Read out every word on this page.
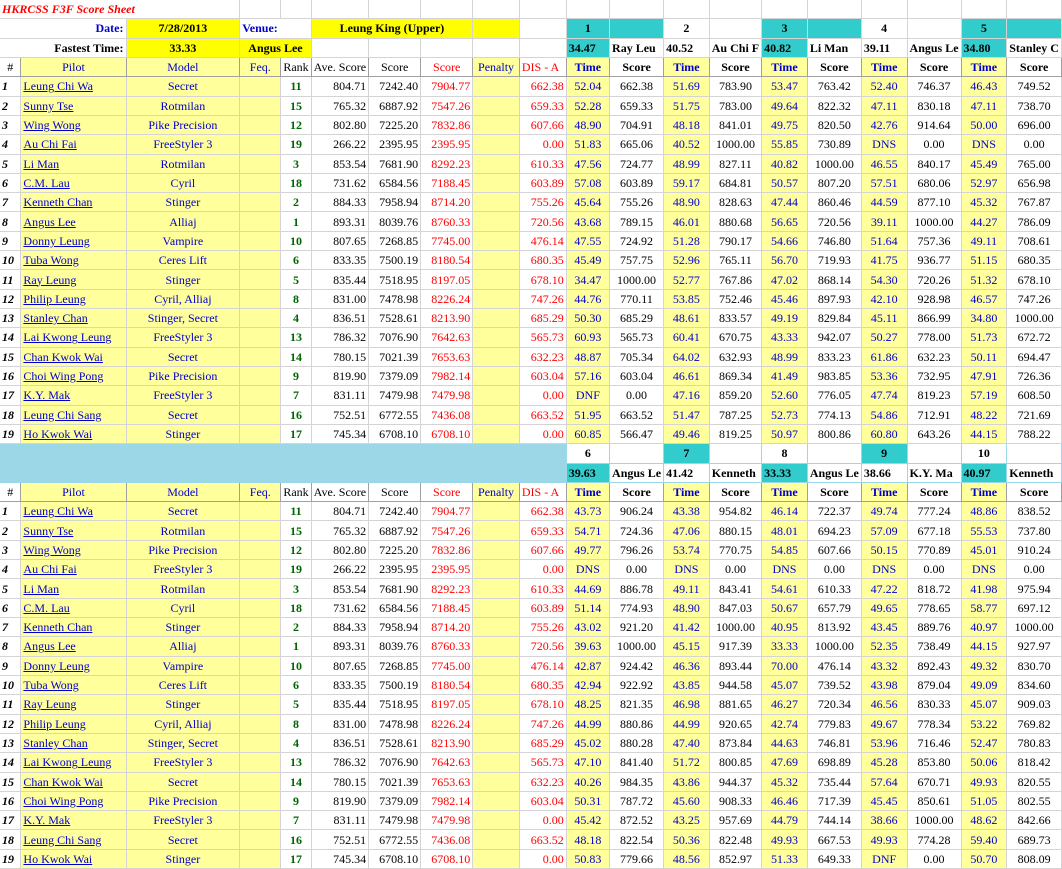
HKRCSS F3F Score Sheet																			
Date:		7/28/2013	Venue:		Leung King (Upper)					1		2		3		4		5	
Fastest Time:		33.33	Angus Lee							34.47	Ray Leu	40.52	Au Chi F	40.82	Li Man	39.11	Angus Le	34.80	Stanley C
#	Pilot	Model	Feq.	Rank	Ave. Score	Score	Score	Penalty	DIS - A	Time	Score	Time	Score	Time	Score	Time	Score	Time	Score
1	Leung Chi Wa	Secret		11	804.71	7242.40	7904.77		662.38	52.04	662.38	51.69	783.90	53.47	763.42	52.40	746.37	46.43	749.52
2	Sunny Tse	Rotmilan		15	765.32	6887.92	7547.26		659.33	52.28	659.33	51.75	783.00	49.64	822.32	47.11	830.18	47.11	738.70
3	Wing Wong	Pike Precision		12	802.80	7225.20	7832.86		607.66	48.90	704.91	48.18	841.01	49.75	820.50	42.76	914.64	50.00	696.00
4	Au Chi Fai	FreeStyler 3		19	266.22	2395.95	2395.95		0.00	51.83	665.06	40.52	1000.00	55.85	730.89	DNS	0.00	DNS	0.00
5	Li Man	Rotmilan		3	853.54	7681.90	8292.23		610.33	47.56	724.77	48.99	827.11	40.82	1000.00	46.55	840.17	45.49	765.00
6	C.M. Lau	Cyril		18	731.62	6584.56	7188.45		603.89	57.08	603.89	59.17	684.81	50.57	807.20	57.51	680.06	52.97	656.98
7	Kenneth Chan	Stinger		2	884.33	7958.94	8714.20		755.26	45.64	755.26	48.90	828.63	47.44	860.46	44.59	877.10	45.32	767.87
8	Angus Lee	Alliaj		1	893.31	8039.76	8760.33		720.56	43.68	789.15	46.01	880.68	56.65	720.56	39.11	1000.00	44.27	786.09
9	Donny Leung	Vampire		10	807.65	7268.85	7745.00		476.14	47.55	724.92	51.28	790.17	54.66	746.80	51.64	757.36	49.11	708.61
10	Tuba Wong	Ceres Lift		6	833.35	7500.19	8180.54		680.35	45.49	757.75	52.96	765.11	56.70	719.93	41.75	936.77	51.15	680.35
11	Ray Leung	Stinger		5	835.44	7518.95	8197.05		678.10	34.47	1000.00	52.77	767.86	47.02	868.14	54.30	720.26	51.32	678.10
12	Philip Leung	Cyril, Alliaj		8	831.00	7478.98	8226.24		747.26	44.76	770.11	53.85	752.46	45.46	897.93	42.10	928.98	46.57	747.26
13	Stanley Chan	Stinger, Secret		4	836.51	7528.61	8213.90		685.29	50.30	685.29	48.61	833.57	49.19	829.84	45.11	866.99	34.80	1000.00
14	Lai Kwong Leung	FreeStyler 3		13	786.32	7076.90	7642.63		565.73	60.93	565.73	60.41	670.75	43.33	942.07	50.27	778.00	51.73	672.72
15	Chan Kwok Wai	Secret		14	780.15	7021.39	7653.63		632.23	48.87	705.34	64.02	632.93	48.99	833.23	61.86	632.23	50.11	694.47
16	Choi Wing Pong	Pike Precision		9	819.90	7379.09	7982.14		603.04	57.16	603.04	46.61	869.34	41.49	983.85	53.36	732.95	47.91	726.36
17	K.Y. Mak	FreeStyler 3		7	831.11	7479.98	7479.98		0.00	DNF	0.00	47.16	859.20	52.60	776.05	47.74	819.23	57.19	608.50
18	Leung Chi Sang	Secret		16	752.51	6772.55	7436.08		663.52	51.95	663.52	51.47	787.25	52.73	774.13	54.86	712.91	48.22	721.69
19	Ho Kwok Wai	Stinger		17	745.34	6708.10	6708.10		0.00	60.85	566.47	49.46	819.25	50.97	800.86	60.80	643.26	44.15	788.22
										6		7		8		9		10	
										39.63	Angus Le	41.42	Kenneth	33.33	Angus Le	38.66	K.Y. Ma	40.97	Kenneth
#	Pilot	Model	Feq.	Rank	Ave. Score	Score	Score	Penalty	DIS - A	Time	Score	Time	Score	Time	Score	Time	Score	Time	Score
1	Leung Chi Wa	Secret		11	804.71	7242.40	7904.77		662.38	43.73	906.24	43.38	954.82	46.14	722.37	49.74	777.24	48.86	838.52
2	Sunny Tse	Rotmilan		15	765.32	6887.92	7547.26		659.33	54.71	724.36	47.06	880.15	48.01	694.23	57.09	677.18	55.53	737.80
3	Wing Wong	Pike Precision		12	802.80	7225.20	7832.86		607.66	49.77	796.26	53.74	770.75	54.85	607.66	50.15	770.89	45.01	910.24
4	Au Chi Fai	FreeStyler 3		19	266.22	2395.95	2395.95		0.00	DNS	0.00	DNS	0.00	DNS	0.00	DNS	0.00	DNS	0.00
5	Li Man	Rotmilan		3	853.54	7681.90	8292.23		610.33	44.69	886.78	49.11	843.41	54.61	610.33	47.22	818.72	41.98	975.94
6	C.M. Lau	Cyril		18	731.62	6584.56	7188.45		603.89	51.14	774.93	48.90	847.03	50.67	657.79	49.65	778.65	58.77	697.12
7	Kenneth Chan	Stinger		2	884.33	7958.94	8714.20		755.26	43.02	921.20	41.42	1000.00	40.95	813.92	43.45	889.76	40.97	1000.00
8	Angus Lee	Alliaj		1	893.31	8039.76	8760.33		720.56	39.63	1000.00	45.15	917.39	33.33	1000.00	52.35	738.49	44.15	927.97
9	Donny Leung	Vampire		10	807.65	7268.85	7745.00		476.14	42.87	924.42	46.36	893.44	70.00	476.14	43.32	892.43	49.32	830.70
10	Tuba Wong	Ceres Lift		6	833.35	7500.19	8180.54		680.35	42.94	922.92	43.85	944.58	45.07	739.52	43.98	879.04	49.09	834.60
11	Ray Leung	Stinger		5	835.44	7518.95	8197.05		678.10	48.25	821.35	46.98	881.65	46.27	720.34	46.56	830.33	45.07	909.03
12	Philip Leung	Cyril, Alliaj		8	831.00	7478.98	8226.24		747.26	44.99	880.86	44.99	920.65	42.74	779.83	49.67	778.34	53.22	769.82
13	Stanley Chan	Stinger, Secret		4	836.51	7528.61	8213.90		685.29	45.02	880.28	47.40	873.84	44.63	746.81	53.96	716.46	52.47	780.83
14	Lai Kwong Leung	FreeStyler 3		13	786.32	7076.90	7642.63		565.73	47.10	841.40	51.72	800.85	47.69	698.89	45.28	853.80	50.06	818.42
15	Chan Kwok Wai	Secret		14	780.15	7021.39	7653.63		632.23	40.26	984.35	43.86	944.37	45.32	735.44	57.64	670.71	49.93	820.55
16	Choi Wing Pong	Pike Precision		9	819.90	7379.09	7982.14		603.04	50.31	787.72	45.60	908.33	46.46	717.39	45.45	850.61	51.05	802.55
17	K.Y. Mak	FreeStyler 3		7	831.11	7479.98	7479.98		0.00	45.42	872.52	43.25	957.69	44.79	744.14	38.66	1000.00	48.62	842.66
18	Leung Chi Sang	Secret		16	752.51	6772.55	7436.08		663.52	48.18	822.54	50.36	822.48	49.93	667.53	49.93	774.28	59.40	689.73
19	Ho Kwok Wai	Stinger		17	745.34	6708.10	6708.10		0.00	50.83	779.66	48.56	852.97	51.33	649.33	DNF	0.00	50.70	808.09
